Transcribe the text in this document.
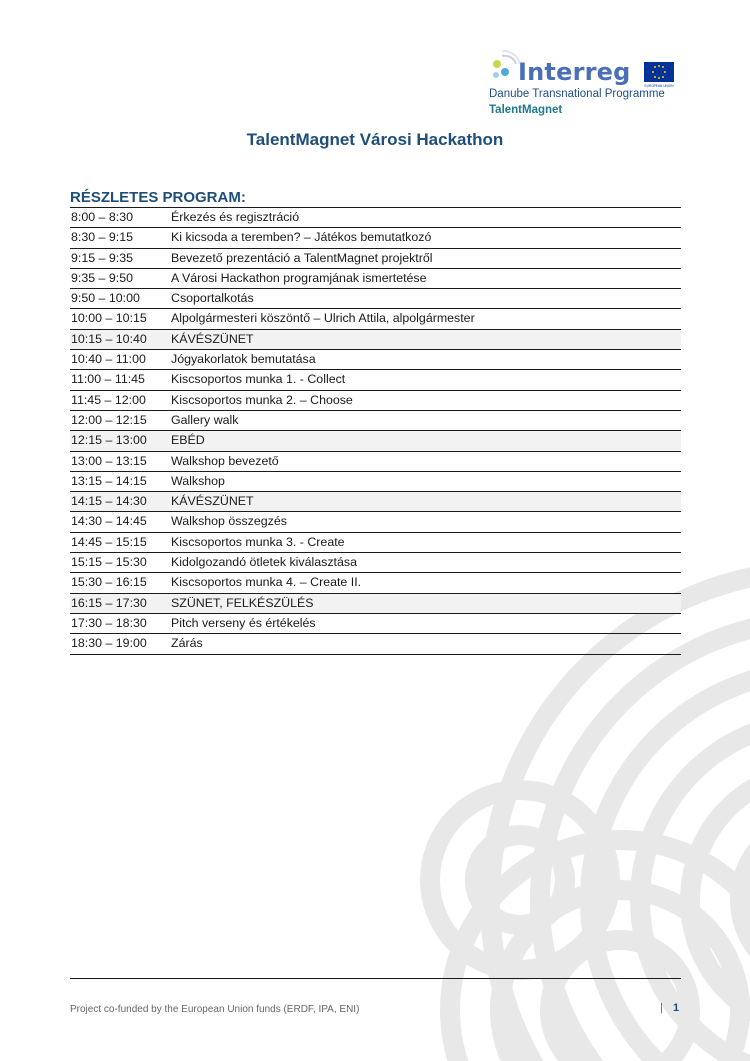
Interreg	EUROPEAN UNION
Danube Transnational Programme
TalentMagnet
TalentMagnet Városi Hackathon
RÉSZLETES PROGRAM:
8:00 – 8:30	Érkezés és regisztráció
8:30 – 9:15	Ki kicsoda a teremben? – Játékos bemutatkozó
9:15 – 9:35	Bevezető prezentáció a TalentMagnet projektről
9:35 – 9:50	A Városi Hackathon programjának ismertetése
9:50 – 10:00	Csoportalkotás
10:00 – 10:15	Alpolgármesteri köszöntő – Ulrich Attila, alpolgármester
10:15 – 10:40	KÁVÉSZÜNET
10:40 – 11:00	Jógyakorlatok bemutatása
11:00 – 11:45	Kiscsoportos munka 1. - Collect
11:45 – 12:00	Kiscsoportos munka 2. – Choose
12:00 – 12:15	Gallery walk
12:15 – 13:00	EBÉD
13:00 – 13:15	Walkshop bevezető
13:15 – 14:15	Walkshop
14:15 – 14:30	KÁVÉSZÜNET
14:30 – 14:45	Walkshop összegzés
14:45 – 15:15	Kiscsoportos munka 3. - Create
15:15 – 15:30	Kidolgozandó ötletek kiválasztása
15:30 – 16:15	Kiscsoportos munka 4. – Create II.
16:15 – 17:30	SZÜNET, FELKÉSZÜLÉS
17:30 – 18:30	Pitch verseny és értékelés
18:30 – 19:00	Zárás
Project co-funded by the European Union funds (ERDF, IPA, ENI)	| 1
